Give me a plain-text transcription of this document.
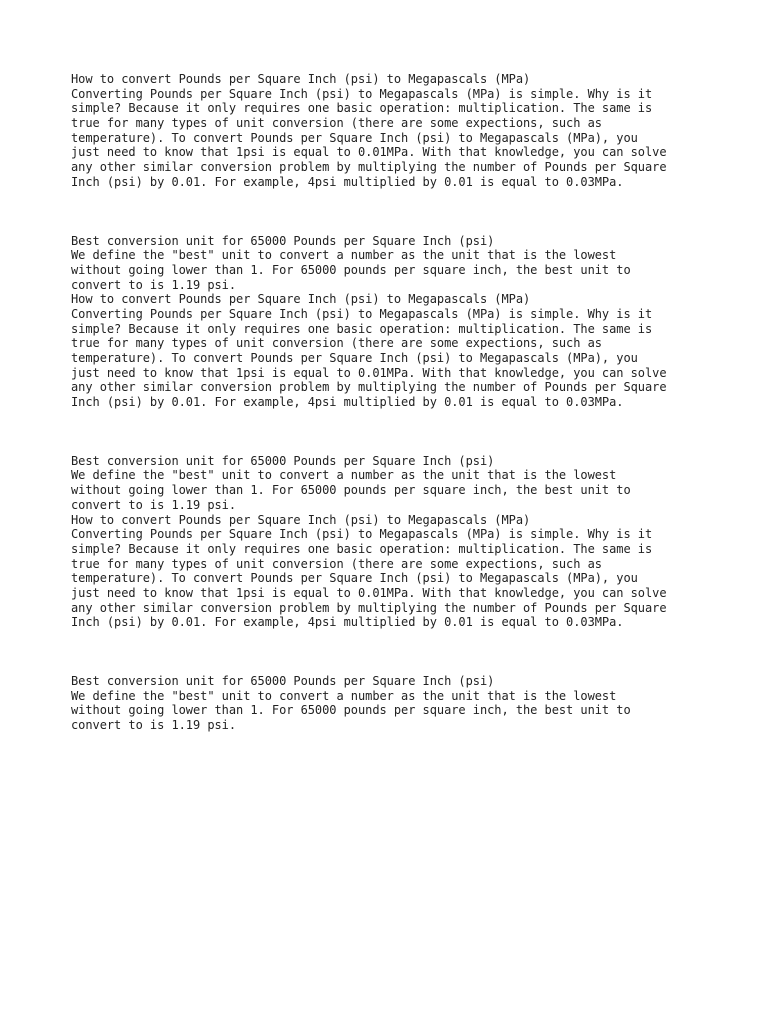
How to convert Pounds per Square Inch (psi) to Megapascals (MPa)
Converting Pounds per Square Inch (psi) to Megapascals (MPa) is simple. Why is it
simple? Because it only requires one basic operation: multiplication. The same is
true for many types of unit conversion (there are some expections, such as
temperature). To convert Pounds per Square Inch (psi) to Megapascals (MPa), you
just need to know that 1psi is equal to 0.01MPa. With that knowledge, you can solve
any other similar conversion problem by multiplying the number of Pounds per Square
Inch (psi) by 0.01. For example, 4psi multiplied by 0.01 is equal to 0.03MPa.
Best conversion unit for 65000 Pounds per Square Inch (psi)
We define the "best" unit to convert a number as the unit that is the lowest
without going lower than 1. For 65000 pounds per square inch, the best unit to
convert to is 1.19 psi.
How to convert Pounds per Square Inch (psi) to Megapascals (MPa)
Converting Pounds per Square Inch (psi) to Megapascals (MPa) is simple. Why is it
simple? Because it only requires one basic operation: multiplication. The same is
true for many types of unit conversion (there are some expections, such as
temperature). To convert Pounds per Square Inch (psi) to Megapascals (MPa), you
just need to know that 1psi is equal to 0.01MPa. With that knowledge, you can solve
any other similar conversion problem by multiplying the number of Pounds per Square
Inch (psi) by 0.01. For example, 4psi multiplied by 0.01 is equal to 0.03MPa.
Best conversion unit for 65000 Pounds per Square Inch (psi)
We define the "best" unit to convert a number as the unit that is the lowest
without going lower than 1. For 65000 pounds per square inch, the best unit to
convert to is 1.19 psi.
How to convert Pounds per Square Inch (psi) to Megapascals (MPa)
Converting Pounds per Square Inch (psi) to Megapascals (MPa) is simple. Why is it
simple? Because it only requires one basic operation: multiplication. The same is
true for many types of unit conversion (there are some expections, such as
temperature). To convert Pounds per Square Inch (psi) to Megapascals (MPa), you
just need to know that 1psi is equal to 0.01MPa. With that knowledge, you can solve
any other similar conversion problem by multiplying the number of Pounds per Square
Inch (psi) by 0.01. For example, 4psi multiplied by 0.01 is equal to 0.03MPa.
Best conversion unit for 65000 Pounds per Square Inch (psi)
We define the "best" unit to convert a number as the unit that is the lowest
without going lower than 1. For 65000 pounds per square inch, the best unit to
convert to is 1.19 psi.
